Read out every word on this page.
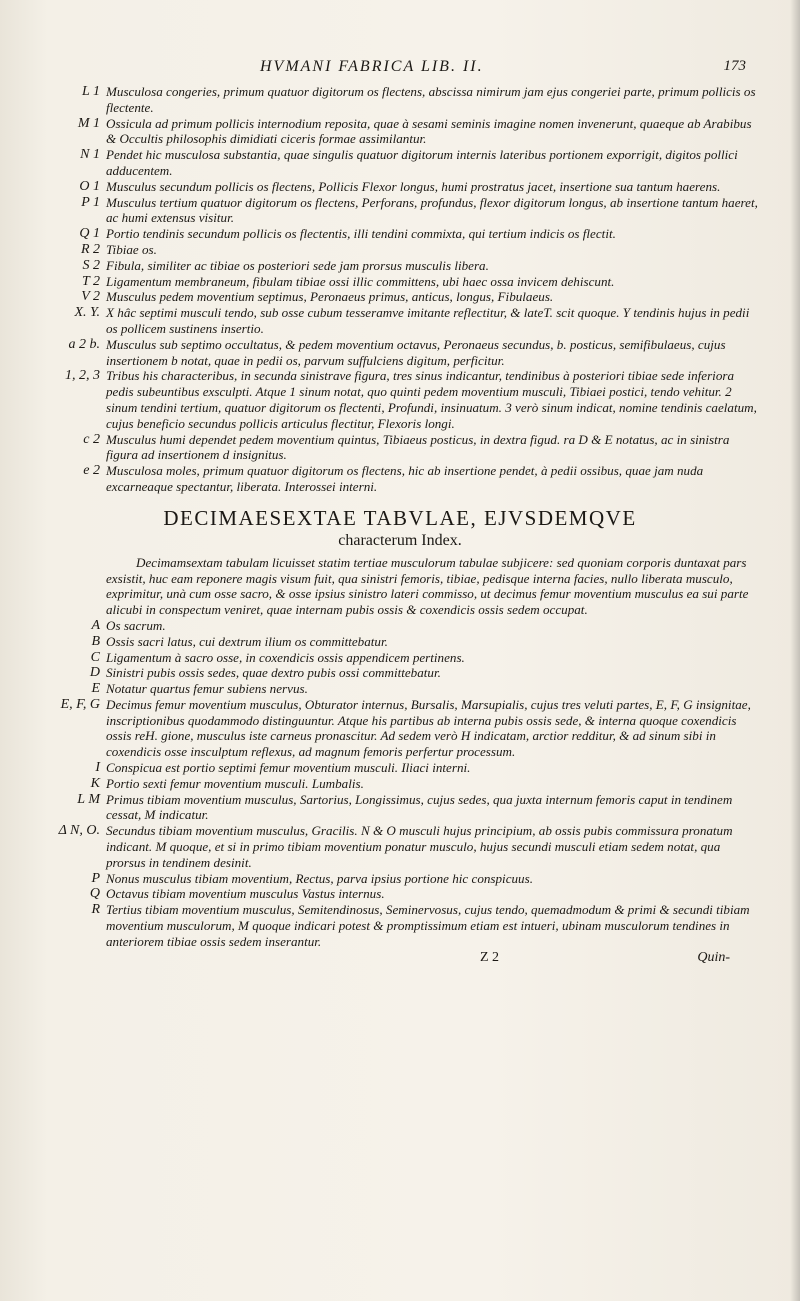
HVMANI FABRICA LIB. II.	173

L 1 Musculosa congeries, primum quatuor digitorum os flectens, abscissa nimirum jam ejus congeriei parte, primum pollicis os flectente.

M 1 Ossicula ad primum pollicis internodium reposita, quae à sesami seminis imagine nomen invenerunt, quaeque ab Arabibus & Occultis philosophis dimidiati ciceris formae assimilantur.

N 1 Pendet hic musculosa substantia, quae singulis quatuor digitorum internis lateribus portionem exporrigit, digitos pollici adducentem.

O 1 Musculus secundum pollicis os flectens, Pollicis Flexor longus, humi prostratus jacet, insertione sua tantum haerens.

P 1 Musculus tertium quatuor digitorum os flectens, Perforans, profundus, flexor digitorum longus, ab insertione tantum haeret, ac humi extensus visitur.

Q 1 Portio tendinis secundum pollicis os flectentis, illi tendini commixta, qui tertium indicis os flectit.

R 2 Tibiae os.

S 2 Fibula, similiter ac tibiae os posteriori sede jam prorsus musculis libera.

T 2 Ligamentum membraneum, fibulam tibiae ossi illic committens, ubi haec ossa invicem dehiscunt.

V 2 Musculus pedem moventium septimus, Peronaeus primus, anticus, longus, Fibulaeus.

X. Y. X hâc septimi musculi tendo, sub osse cubum tesseramve imitante reflectitur, & lateT. scit quoque. Y tendinis hujus in pedii os pollicem sustinens insertio.

a 2 b. Musculus sub septimo occultatus, & pedem moventium octavus, Peronaeus secundus, b. posticus, semifibulaeus, cujus insertionem b notat, quae in pedii os, parvum suffulciens digitum, perficitur.

1, 2, 3 Tribus his characteribus, in secunda sinistrave figura, tres sinus indicantur, tendinibus à posteriori tibiae sede inferiora pedis subeuntibus exsculpti. Atque 1 sinum notat, quo quinti pedem moventium musculi, Tibiaei postici, tendo vehitur. 2 sinum tendini tertium, quatuor digitorum os flectenti, Profundi, insinuatum. 3 verò sinum indicat, nomine tendinis caelatum, cujus beneficio secundus pollicis articulus flectitur, Flexoris longi.

c 2 Musculus humi dependet pedem moventium quintus, Tibiaeus posticus, in dextra figud. ra D & E notatus, ac in sinistra figura ad insertionem d insignitus.

e 2 Musculosa moles, primum quatuor digitorum os flectens, hic ab insertione pendet, à pedii ossibus, quae jam nuda excarneaque spectantur, liberata. Interossei interni.

DECIMAESEXTAE TABVLAE, EJVSDEMQVE
characterum Index.

Decimamsextam tabulam licuisset statim tertiae musculorum tabulae subjicere: sed quoniam corporis duntaxat pars exsistit, huc eam reponere magis visum fuit, qua sinistri femoris, tibiae, pedisque interna facies, nullo liberata musculo, exprimitur, unà cum osse sacro, & osse ipsius sinistro lateri commisso, ut decimus femur moventium musculus ea sui parte alicubi in conspectum veniret, quae internam pubis ossis & coxendicis ossis sedem occupat.

A Os sacrum.

B Ossis sacri latus, cui dextrum ilium os committebatur.

C Ligamentum à sacro osse, in coxendicis ossis appendicem pertinens.

D Sinistri pubis ossis sedes, quae dextro pubis ossi committebatur.

E Notatur quartus femur subiens nervus.

E, F, G Decimus femur moventium musculus, Obturator internus, Bursalis, Marsupialis, cujus tres veluti partes, E, F, G insignitae, inscriptionibus quodammodo distinguuntur. Atque his partibus ab interna pubis ossis sede, & interna quoque coxendicis ossis reH. gione, musculus iste carneus pronascitur. Ad sedem verò H indicatam, arctior redditur, & ad sinum sibi in coxendicis osse insculptum reflexus, ad magnum femoris perfertur processum.

I Conspicua est portio septimi femur moventium musculi. Iliaci interni.

K Portio sexti femur moventium musculi. Lumbalis.

L M Primus tibiam moventium musculus, Sartorius, Longissimus, cujus sedes, qua juxta internum femoris caput in tendinem cessat, M indicatur.

Δ N, O. Secundus tibiam moventium musculus, Gracilis. N & O musculi hujus principium, ab ossis pubis commissura pronatum indicant. M quoque, et si in primo tibiam moventium ponatur musculo, hujus secundi musculi etiam sedem notat, qua prorsus in tendinem desinit.

P Nonus musculus tibiam moventium, Rectus, parva ipsius portione hic conspicuus.

Q Octavus tibiam moventium musculus Vastus internus.

R Tertius tibiam moventium musculus, Semitendinosus, Seminervosus, cujus tendo, quemadmodum & primi & secundi tibiam moventium musculorum, M quoque indicari potest & promptissimum etiam est intueri, ubinam musculorum tendines in anteriorem tibiae ossis sedem inserantur.

Z 2	Quin-
